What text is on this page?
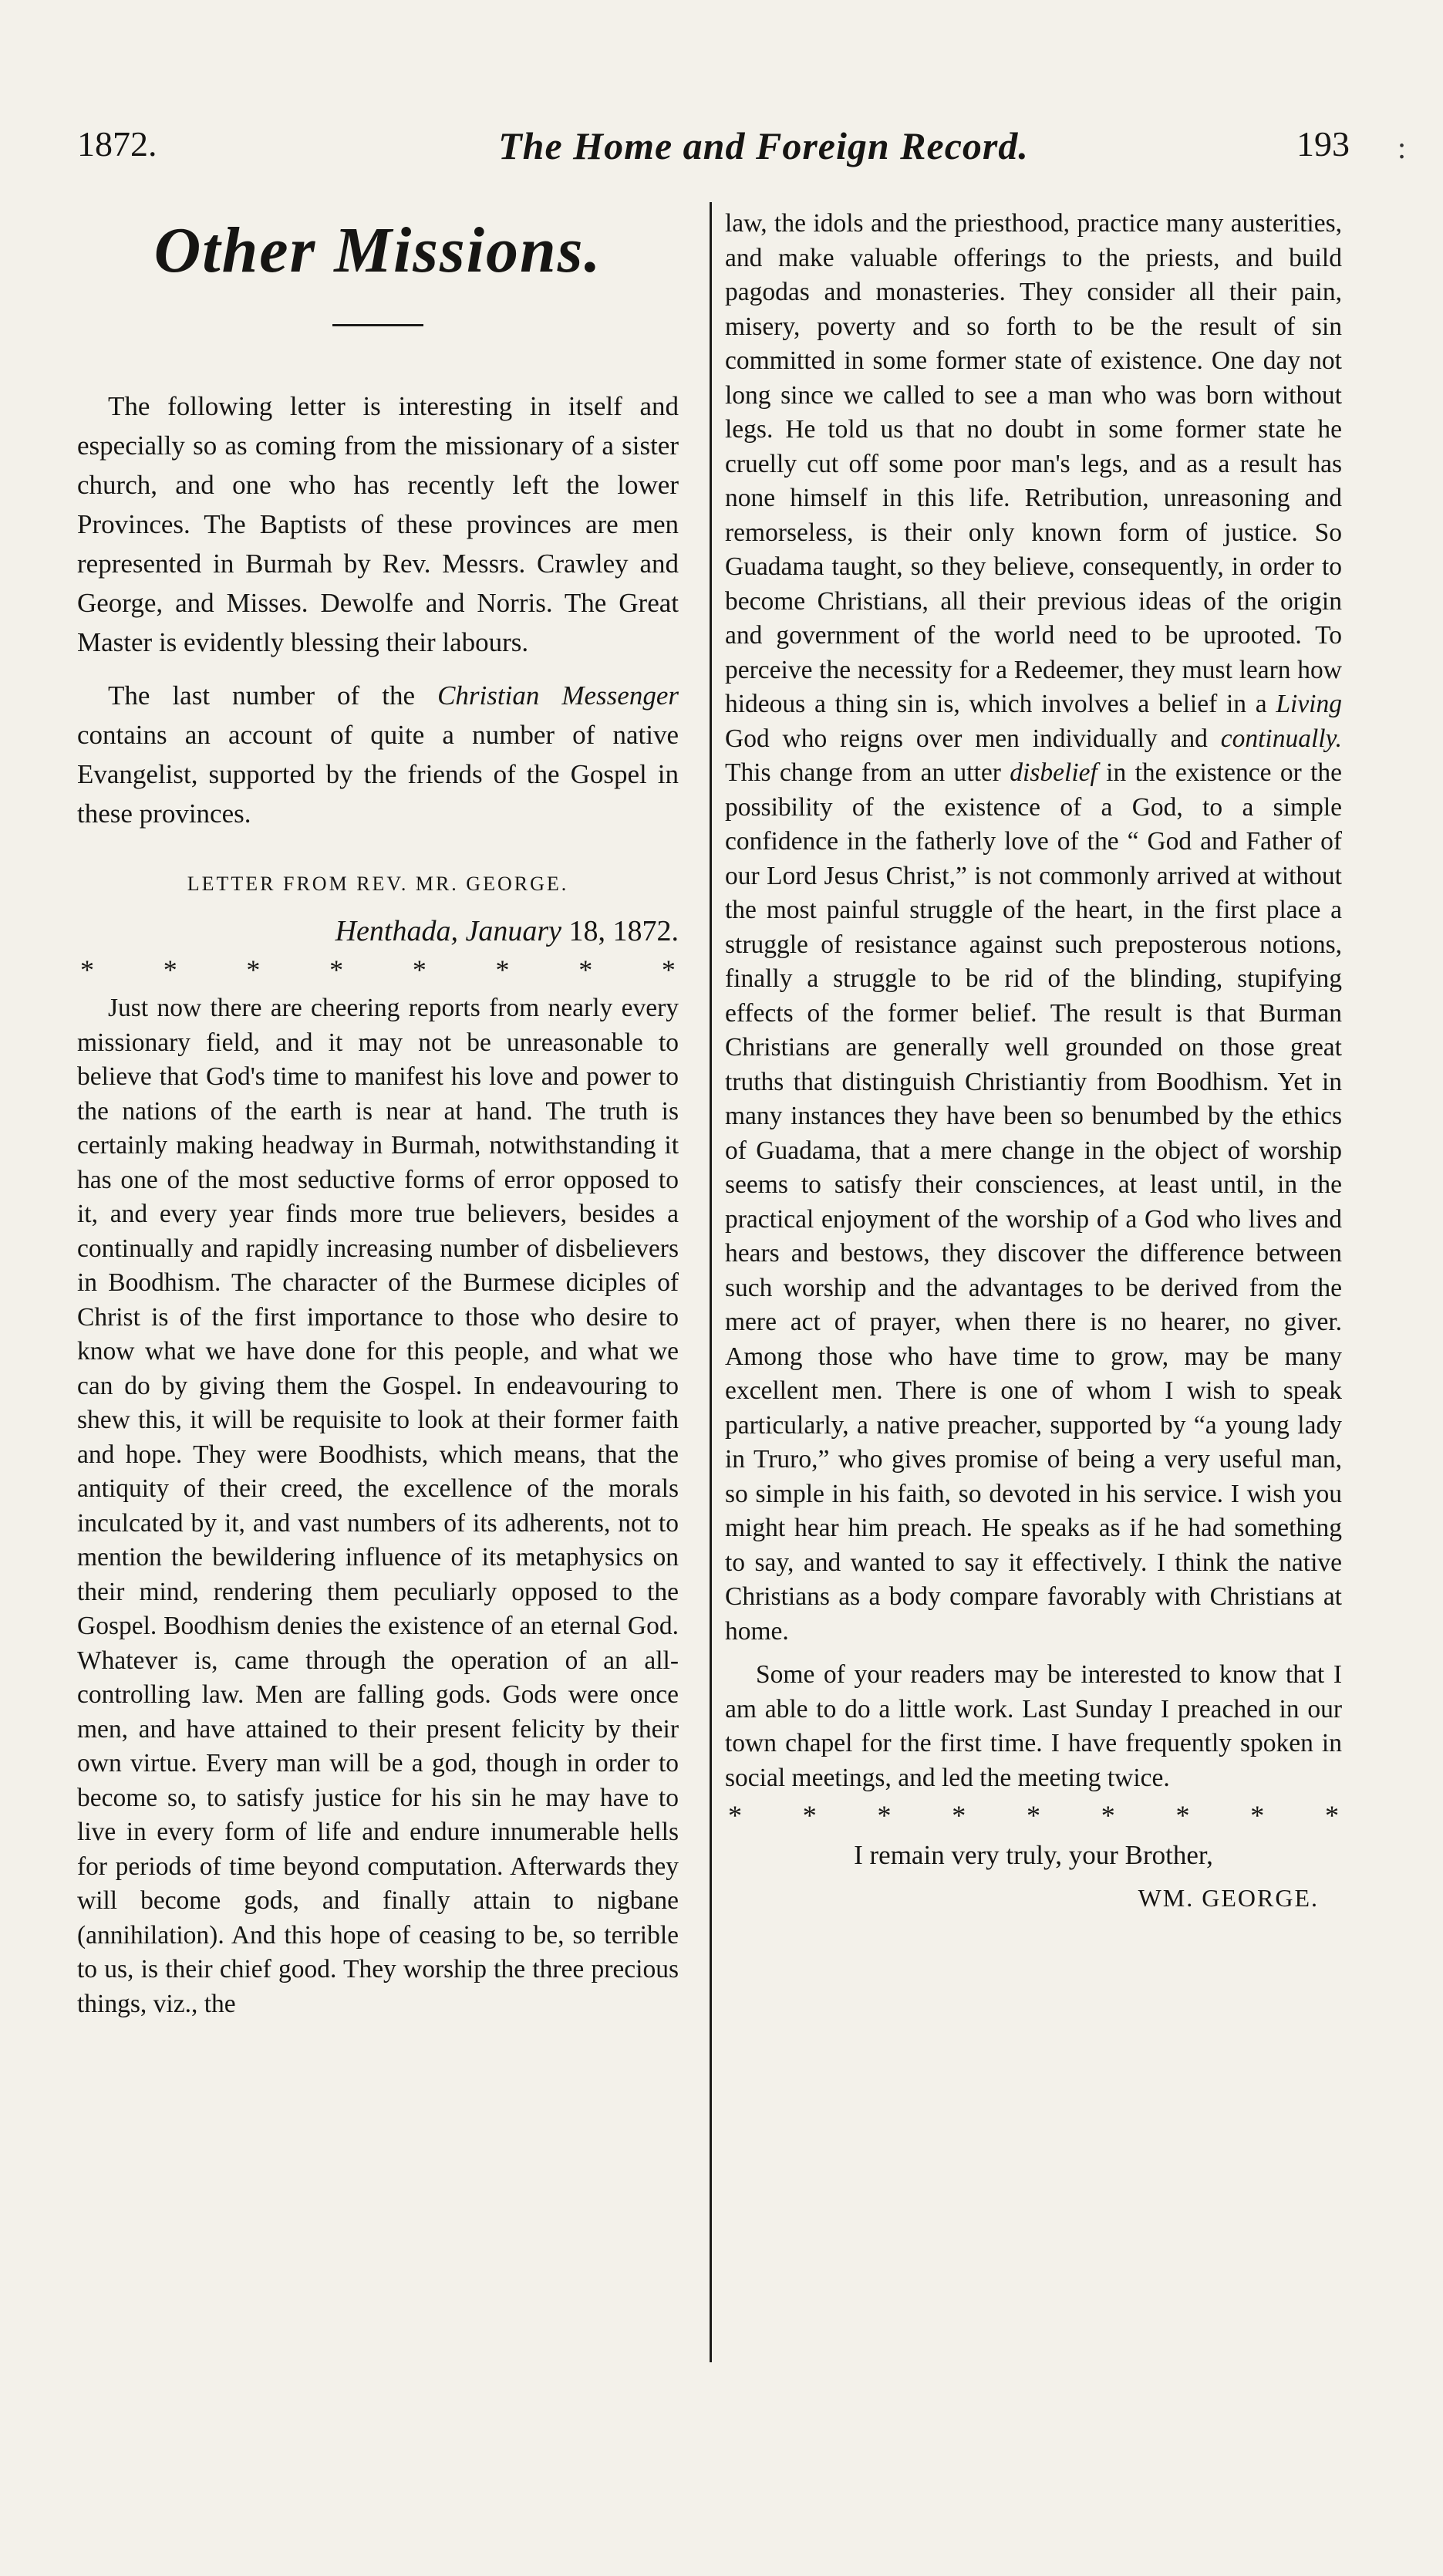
1872.	The Home and Foreign Record.	193 :

Other Missions.

The following letter is interesting in itself and especially so as coming from the missionary of a sister church, and one who has recently left the lower Provinces. The Baptists of these provinces are men represented in Burmah by Rev. Messrs. Crawley and George, and Misses. Dewolfe and Norris. The Great Master is evidently blessing their labours.

The last number of the Christian Messenger contains an account of quite a number of native Evangelist, supported by the friends of the Gospel in these provinces.

LETTER FROM REV. MR. GEORGE.

Henthada, January 18, 1872.

* * * * * * * *

Just now there are cheering reports from nearly every missionary field, and it may not be unreasonable to believe that God's time to manifest his love and power to the nations of the earth is near at hand. The truth is certainly making headway in Burmah, notwithstanding it has one of the most seductive forms of error opposed to it, and every year finds more true believers, besides a continually and rapidly increasing number of disbelievers in Boodhism. The character of the Burmese diciples of Christ is of the first importance to those who desire to know what we have done for this people, and what we can do by giving them the Gospel. In endeavouring to shew this, it will be requisite to look at their former faith and hope. They were Boodhists, which means, that the antiquity of their creed, the excellence of the morals inculcated by it, and vast numbers of its adherents, not to mention the bewildering influence of its metaphysics on their mind, rendering them peculiarly opposed to the Gospel. Boodhism denies the existence of an eternal God. Whatever is, came through the operation of an all-controlling law. Men are falling gods. Gods were once men, and have attained to their present felicity by their own virtue. Every man will be a god, though in order to become so, to satisfy justice for his sin he may have to live in every form of life and endure innumerable hells for periods of time beyond computation. Afterwards they will become gods, and finally attain to nigbane (annihilation). And this hope of ceasing to be, so terrible to us, is their chief good. They worship the three precious things, viz., the

law, the idols and the priesthood, practice many austerities, and make valuable offerings to the priests, and build pagodas and monasteries. They consider all their pain, misery, poverty and so forth to be the result of sin committed in some former state of existence. One day not long since we called to see a man who was born without legs. He told us that no doubt in some former state he cruelly cut off some poor man's legs, and as a result has none himself in this life. Retribution, unreasoning and remorseless, is their only known form of justice. So Guadama taught, so they believe, consequently, in order to become Christians, all their previous ideas of the origin and government of the world need to be uprooted. To perceive the necessity for a Redeemer, they must learn how hideous a thing sin is, which involves a belief in a Living God who reigns over men individually and continually. This change from an utter disbelief in the existence or the possibility of the existence of a God, to a simple confidence in the fatherly love of the “ God and Father of our Lord Jesus Christ,” is not commonly arrived at without the most painful struggle of the heart, in the first place a struggle of resistance against such preposterous notions, finally a struggle to be rid of the blinding, stupifying effects of the former belief. The result is that Burman Christians are generally well grounded on those great truths that distinguish Christiantiy from Boodhism. Yet in many instances they have been so benumbed by the ethics of Guadama, that a mere change in the object of worship seems to satisfy their consciences, at least until, in the practical enjoyment of the worship of a God who lives and hears and bestows, they discover the difference between such worship and the advantages to be derived from the mere act of prayer, when there is no hearer, no giver. Among those who have time to grow, may be many excellent men. There is one of whom I wish to speak particularly, a native preacher, supported by “a young lady in Truro,” who gives promise of being a very useful man, so simple in his faith, so devoted in his service. I wish you might hear him preach. He speaks as if he had something to say, and wanted to say it effectively. I think the native Christians as a body compare favorably with Christians at home.

Some of your readers may be interested to know that I am able to do a little work. Last Sunday I preached in our town chapel for the first time. I have frequently spoken in social meetings, and led the meeting twice.

* * * * * * * * *

I remain very truly, your Brother,

WM. GEORGE.
